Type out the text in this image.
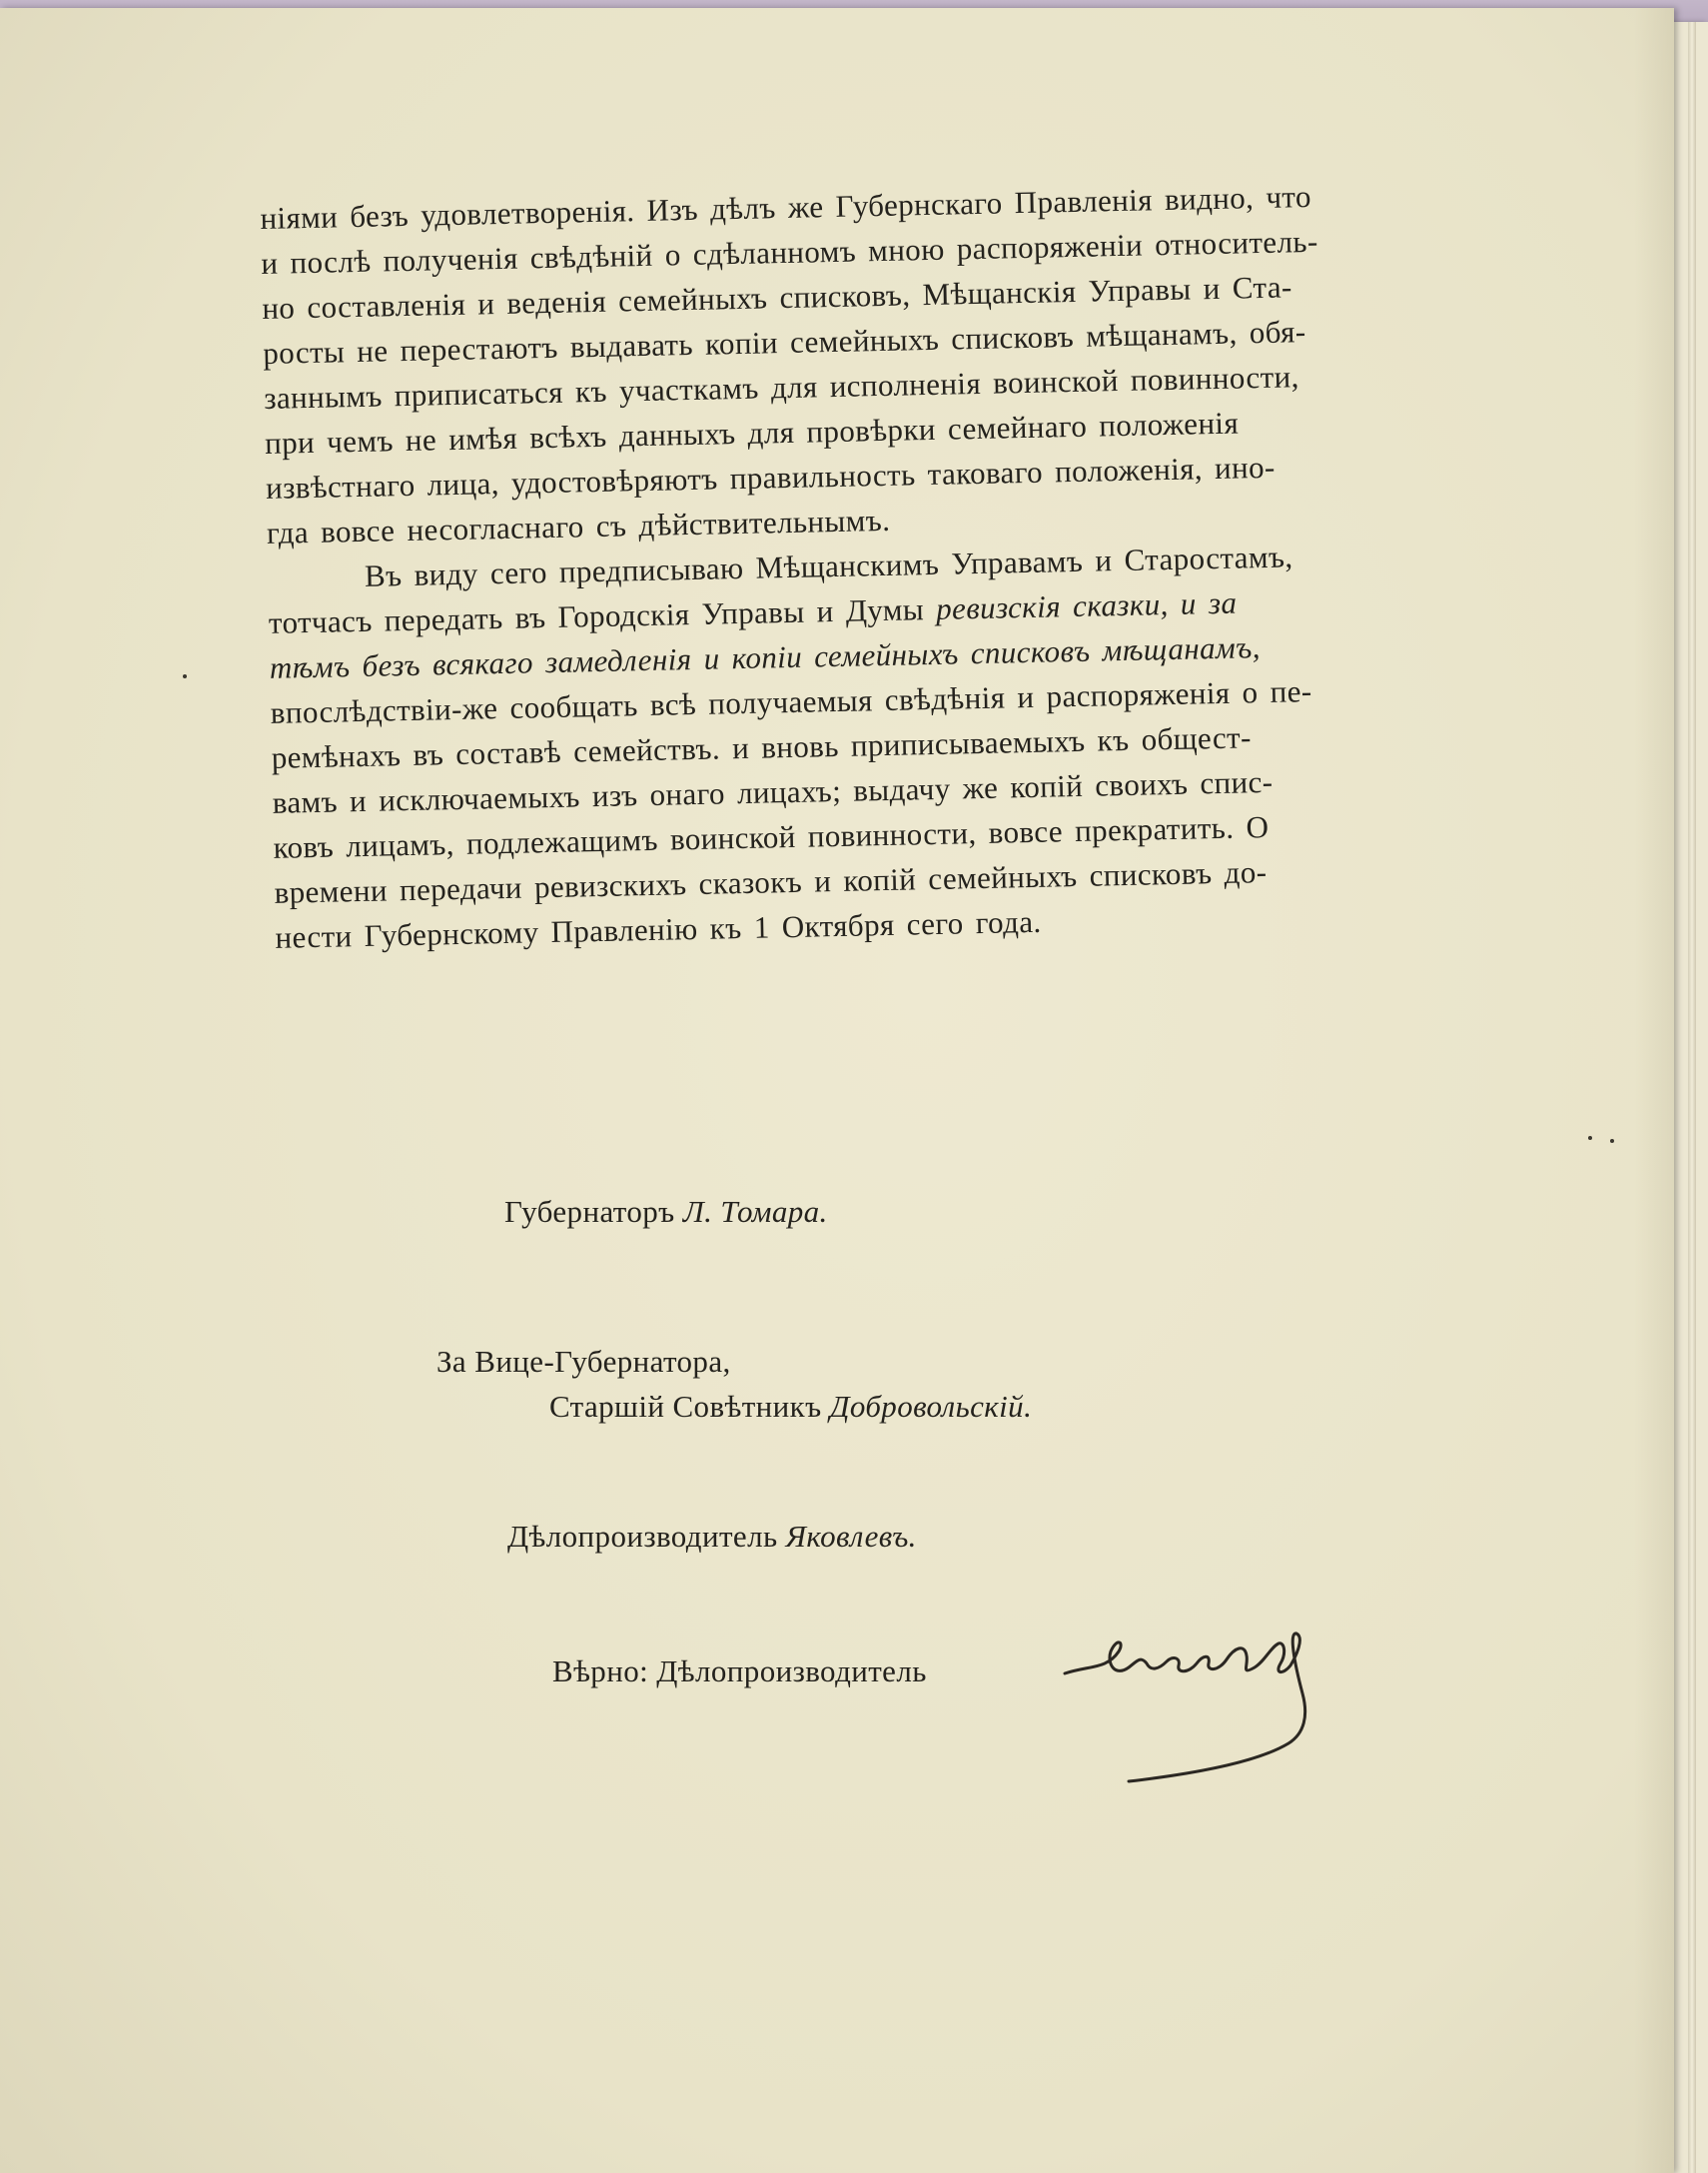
ніями безъ удовлетворенія. Изъ дѣлъ же Губернскаго Правленія видно, что
и послѣ полученія свѣдѣній о сдѣланномъ мною распоряженіи относитель-
но составленія и веденія семейныхъ списковъ, Мѣщанскія Управы и Ста-
росты не перестаютъ выдавать копіи семейныхъ списковъ мѣщанамъ, обя-
заннымъ приписаться къ участкамъ для исполненія воинской повинности,
при чемъ не имѣя всѣхъ данныхъ для провѣрки семейнаго положенія
извѣстнаго лица, удостовѣряютъ правильность таковаго положенія, ино-
гда вовсе несогласнаго съ дѣйствительнымъ.
Въ виду сего предписываю Мѣщанскимъ Управамъ и Старостамъ,
тотчасъ передать въ Городскія Управы и Думы ревизскія сказки, и за
тѣмъ безъ всякаго замедленія и копіи семейныхъ списковъ мѣщанамъ,
впослѣдствіи-же сообщать всѣ получаемыя свѣдѣнія и распоряженія о пе-
ремѣнахъ въ составѣ семействъ. и вновь приписываемыхъ къ общест-
вамъ и исключаемыхъ изъ онаго лицахъ; выдачу же копій своихъ спис-
ковъ лицамъ, подлежащимъ воинской повинности, вовсе прекратить. О
времени передачи ревизскихъ сказокъ и копій семейныхъ списковъ до-
нести Губернскому Правленію къ 1 Октября сего года.
Губернаторъ Л. Томара.
За Вице-Губернатора,
Старшій Совѣтникъ Добровольскій.
Дѣлопроизводитель Яковлевъ.
Вѣрно: Дѣлопроизводитель
